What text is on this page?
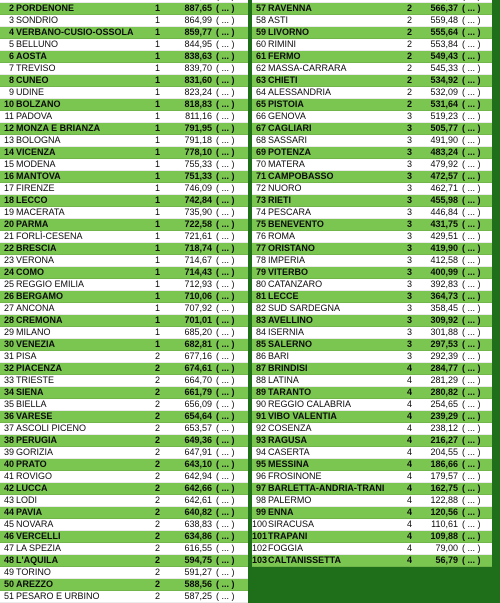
2 PORDENONE	1	887,65 ( ... )
3 SONDRIO	1	864,99 ( ... )
4 VERBANO-CUSIO-OSSOLA	1	859,77 ( ... )
5 BELLUNO	1	844,95 ( ... )
6 AOSTA	1	838,63 ( ... )
7 TREVISO	1	839,70 ( ... )
8 CUNEO	1	831,60 ( ... )
9 UDINE	1	823,24 ( ... )
10 BOLZANO	1	818,83 ( ... )
11 PADOVA	1	811,16 ( ... )
12 MONZA E BRIANZA	1	791,95 ( ... )
13 BOLOGNA	1	791,18 ( ... )
14 VICENZA	1	778,10 ( ... )
15 MODENA	1	755,33 ( ... )
16 MANTOVA	1	751,33 ( ... )
17 FIRENZE	1	746,09 ( ... )
18 LECCO	1	742,84 ( ... )
19 MACERATA	1	735,90 ( ... )
20 PARMA	1	722,58 ( ... )
21 FORLÌ-CESENA	1	721,61 ( ... )
22 BRESCIA	1	718,74 ( ... )
23 VERONA	1	714,67 ( ... )
24 COMO	1	714,43 ( ... )
25 REGGIO EMILIA	1	712,93 ( ... )
26 BERGAMO	1	710,06 ( ... )
27 ANCONA	1	707,92 ( ... )
28 CREMONA	1	701,01 ( ... )
29 MILANO	1	685,20 ( ... )
30 VENEZIA	1	682,81 ( ... )
31 PISA	2	677,16 ( ... )
32 PIACENZA	2	674,61 ( ... )
33 TRIESTE	2	664,70 ( ... )
34 SIENA	2	661,79 ( ... )
35 BIELLA	2	656,09 ( ... )
36 VARESE	2	654,64 ( ... )
37 ASCOLI PICENO	2	653,57 ( ... )
38 PERUGIA	2	649,36 ( ... )
39 GORIZIA	2	647,91 ( ... )
40 PRATO	2	643,10 ( ... )
41 ROVIGO	2	642,94 ( ... )
42 LUCCA	2	642,66 ( ... )
43 LODI	2	642,61 ( ... )
44 PAVIA	2	640,82 ( ... )
45 NOVARA	2	638,83 ( ... )
46 VERCELLI	2	634,86 ( ... )
47 LA SPEZIA	2	616,55 ( ... )
48 L'AQUILA	2	594,75 ( ... )
49 TORINO	2	591,27 ( ... )
50 AREZZO	2	588,56 ( ... )
51 PESARO E URBINO	2	587,25 ( ... )
57 RAVENNA	2	566,37 ( ... )
58 ASTI	2	559,48 ( ... )
59 LIVORNO	2	555,64 ( ... )
60 RIMINI	2	553,84 ( ... )
61 FERMO	2	549,43 ( ... )
62 MASSA-CARRARA	2	545,33 ( ... )
63 CHIETI	2	534,92 ( ... )
64 ALESSANDRIA	2	532,09 ( ... )
65 PISTOIA	2	531,64 ( ... )
66 GENOVA	3	519,23 ( ... )
67 CAGLIARI	3	505,77 ( ... )
68 SASSARI	3	491,90 ( ... )
69 POTENZA	3	483,24 ( ... )
70 MATERA	3	479,92 ( ... )
71 CAMPOBASSO	3	472,57 ( ... )
72 NUORO	3	462,71 ( ... )
73 RIETI	3	455,98 ( ... )
74 PESCARA	3	446,84 ( ... )
75 BENEVENTO	3	431,75 ( ... )
76 ROMA	3	429,51 ( ... )
77 ORISTANO	3	419,90 ( ... )
78 IMPERIA	3	412,58 ( ... )
79 VITERBO	3	400,99 ( ... )
80 CATANZARO	3	392,83 ( ... )
81 LECCE	3	364,73 ( ... )
82 SUD SARDEGNA	3	358,45 ( ... )
83 AVELLINO	3	309,92 ( ... )
84 ISERNIA	3	301,88 ( ... )
85 SALERNO	3	297,53 ( ... )
86 BARI	3	292,39 ( ... )
87 BRINDISI	4	284,77 ( ... )
88 LATINA	4	281,29 ( ... )
89 TARANTO	4	280,82 ( ... )
90 REGGIO CALABRIA	4	254,65 ( ... )
91 VIBO VALENTIA	4	239,29 ( ... )
92 COSENZA	4	238,12 ( ... )
93 RAGUSA	4	216,27 ( ... )
94 CASERTA	4	204,55 ( ... )
95 MESSINA	4	186,66 ( ... )
96 FROSINONE	4	179,57 ( ... )
97 BARLETTA-ANDRIA-TRANI	4	162,75 ( ... )
98 PALERMO	4	122,88 ( ... )
99 ENNA	4	120,56 ( ... )
100 SIRACUSA	4	110,61 ( ... )
101 TRAPANI	4	109,88 ( ... )
102 FOGGIA	4	79,00 ( ... )
103 CALTANISSETTA	4	56,79 ( ... )
